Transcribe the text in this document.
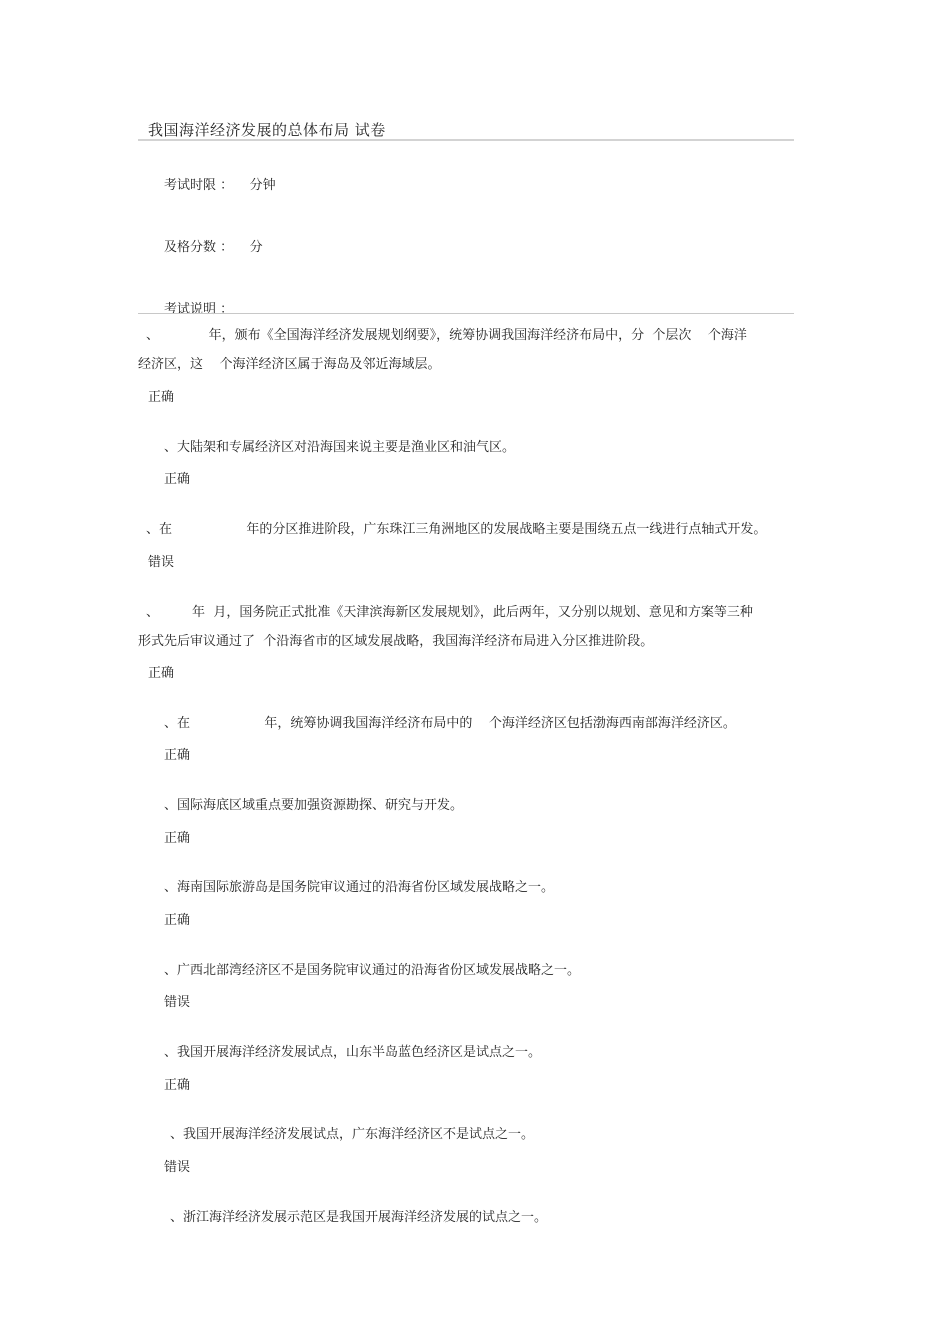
我国海洋经济发展的总体布局 试卷
考试时限 ：    分钟
及格分数 ：    分
考试说明 ：
、            年，颁布《全国海洋经济发展规划纲要》，统筹协调我国海洋经济布局中，分  个层次    个海洋
经济区，这    个海洋经济区属于海岛及邻近海域层。
正确
、大陆架和专属经济区对沿海国来说主要是渔业区和油气区。
正确
、在                  年的分区推进阶段，广东珠江三角洲地区的发展战略主要是围绕五点一线进行点轴式开发。
错误
、        年  月，国务院正式批准《天津滨海新区发展规划》，此后两年，又分别以规划、意见和方案等三种
形式先后审议通过了  个沿海省市的区域发展战略，我国海洋经济布局进入分区推进阶段。
正确
、在                  年，统筹协调我国海洋经济布局中的    个海洋经济区包括渤海西南部海洋经济区。
正确
、国际海底区域重点要加强资源勘探、研究与开发。
正确
、海南国际旅游岛是国务院审议通过的沿海省份区域发展战略之一。
正确
、广西北部湾经济区不是国务院审议通过的沿海省份区域发展战略之一。
错误
、我国开展海洋经济发展试点，山东半岛蓝色经济区是试点之一。
正确
、我国开展海洋经济发展试点，广东海洋经济区不是试点之一。
错误
、浙江海洋经济发展示范区是我国开展海洋经济发展的试点之一。
